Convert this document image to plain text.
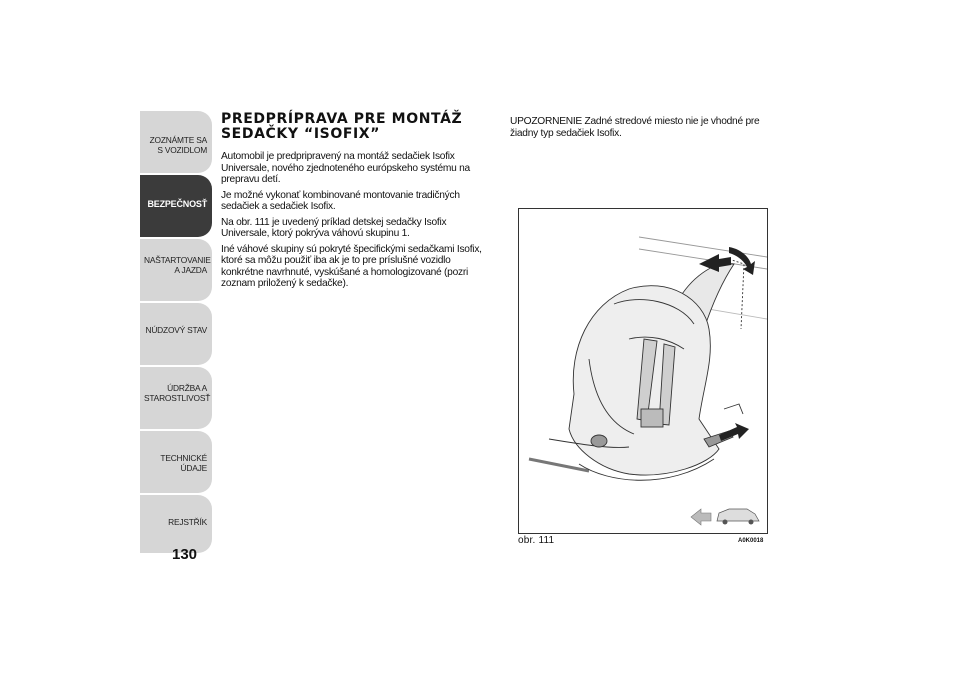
ZOZNÁMTE SA S VOZIDLOM
BEZPEČNOSŤ
NAŠTARTOVANIE A JAZDA
NÚDZOVÝ STAV
ÚDRŽBA A STAROSTLIVOSŤ
TECHNICKÉ ÚDAJE
REJSTŘÍK
130
PREDPRÍPRAVA PRE MONTÁŽ
SEDAČKY “ISOFIX”

Automobil je predpripravený na montáž sedačiek Isofix Universale, nového zjednoteného európskeho systému na prepravu detí.

Je možné vykonať kombinované montovanie tradičných sedačiek a sedačiek Isofix.

Na obr. 111 je uvedený príklad detskej sedačky Isofix Universale, ktorý pokrýva váhovú skupinu 1.

Iné váhové skupiny sú pokryté špecifickými sedačkami Isofix, ktoré sa môžu použiť iba ak je to pre príslušné vozidlo konkrétne navrhnuté, vyskúšané a homologizované (pozri zoznam priložený k sedačke).

UPOZORNENIE Zadné stredové miesto nie je vhodné pre žiadny typ sedačiek Isofix.

obr. 111	A0K0018
